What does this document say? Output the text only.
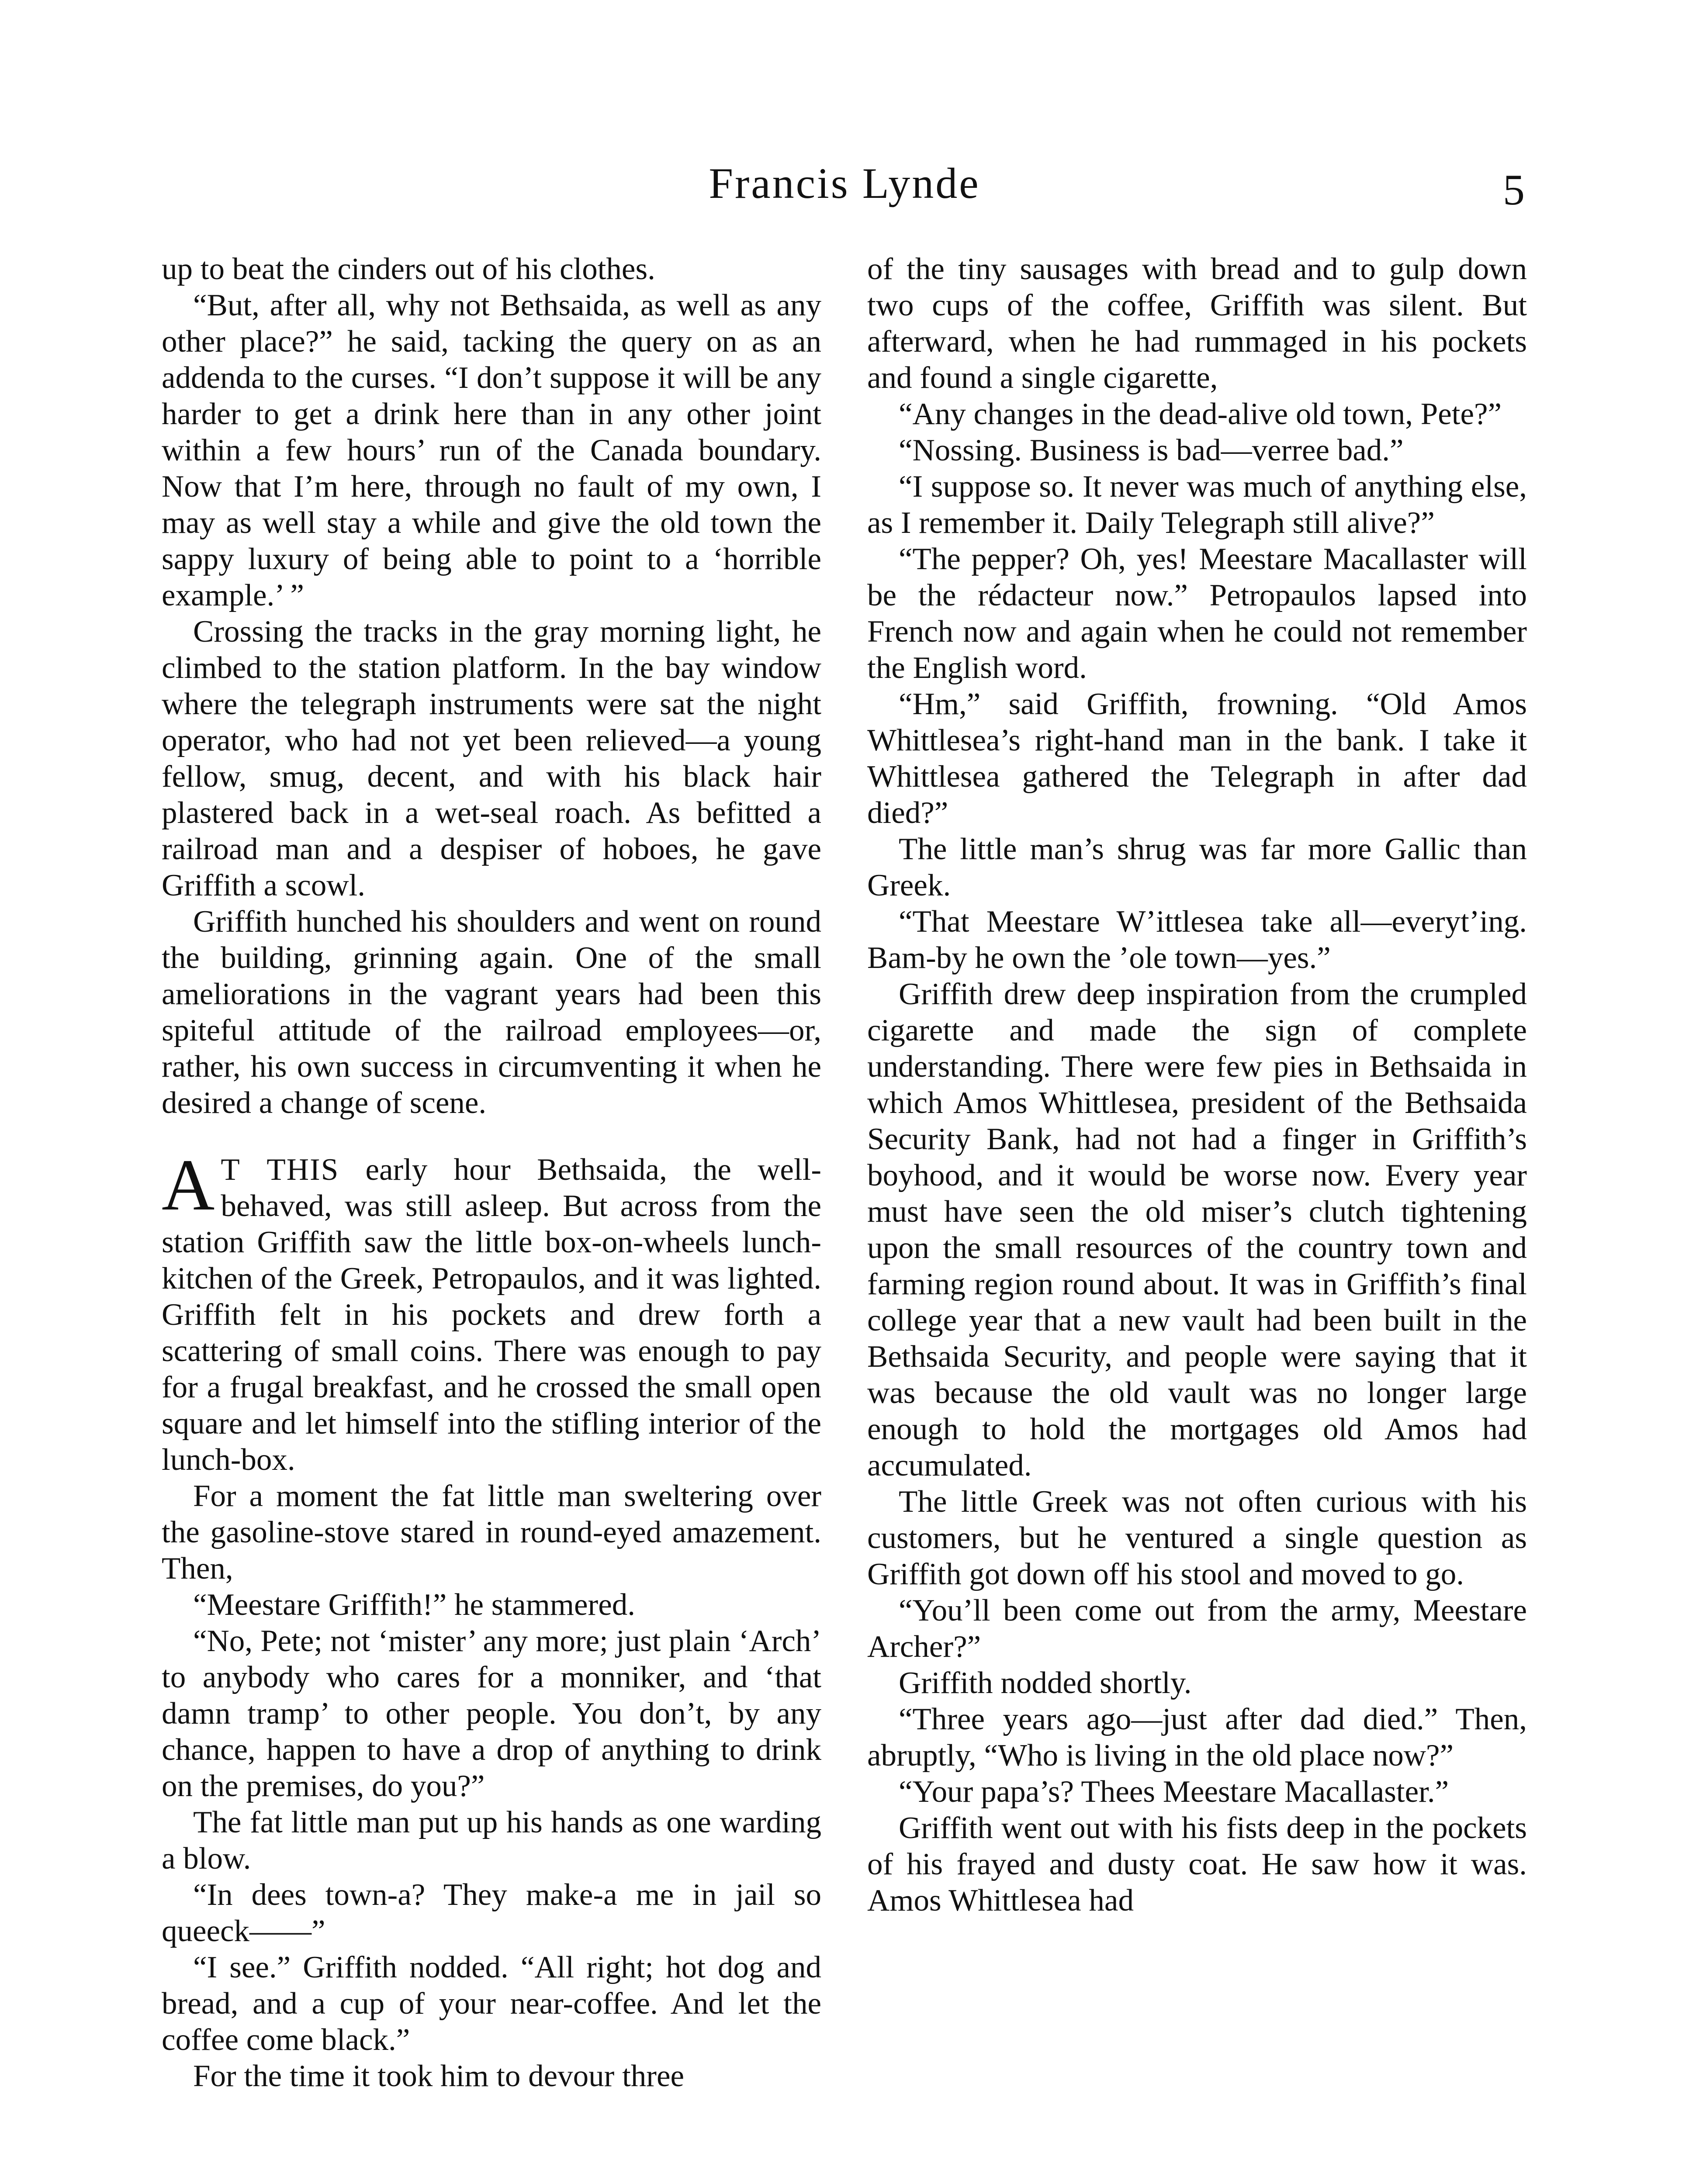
Francis Lynde	5

up to beat the cinders out of his clothes.

“But, after all, why not Bethsaida, as well as any other place?” he said, tacking the query on as an addenda to the curses. “I don’t suppose it will be any harder to get a drink here than in any other joint within a few hours’ run of the Canada boundary. Now that I’m here, through no fault of my own, I may as well stay a while and give the old town the sappy luxury of being able to point to a ‘horrible example.’ ”

Crossing the tracks in the gray morning light, he climbed to the station platform. In the bay window where the telegraph instruments were sat the night operator, who had not yet been relieved—a young fellow, smug, decent, and with his black hair plastered back in a wet-seal roach. As befitted a railroad man and a despiser of hoboes, he gave Griffith a scowl.

Griffith hunched his shoulders and went on round the building, grinning again. One of the small ameliorations in the vagrant years had been this spiteful attitude of the railroad employees—or, rather, his own success in circumventing it when he desired a change of scene.

A T THIS early hour Bethsaida, the well- behaved, was still asleep. But across from the station Griffith saw the little box-on-wheels lunch-kitchen of the Greek, Petropaulos, and it was lighted. Griffith felt in his pockets and drew forth a scattering of small coins. There was enough to pay for a frugal breakfast, and he crossed the small open square and let himself into the stifling interior of the lunch-box.

For a moment the fat little man sweltering over the gasoline-stove stared in round-eyed amazement. Then,

“Meestare Griffith!” he stammered.

“No, Pete; not ‘mister’ any more; just plain ‘Arch’ to anybody who cares for a monniker, and ‘that damn tramp’ to other people. You don’t, by any chance, happen to have a drop of anything to drink on the premises, do you?”

The fat little man put up his hands as one warding a blow.

“In dees town-a? They make-a me in jail so queeck——”

“I see.” Griffith nodded. “All right; hot dog and bread, and a cup of your near-coffee. And let the coffee come black.”

For the time it took him to devour three

of the tiny sausages with bread and to gulp down two cups of the coffee, Griffith was silent. But afterward, when he had rummaged in his pockets and found a single cigarette,

“Any changes in the dead-alive old town, Pete?”

“Nossing. Business is bad—verree bad.”

“I suppose so. It never was much of anything else, as I remember it. Daily Telegraph still alive?”

“The pepper? Oh, yes! Meestare Macallaster will be the rédacteur now.” Petropaulos lapsed into French now and again when he could not remember the English word.

“Hm,” said Griffith, frowning. “Old Amos Whittlesea’s right-hand man in the bank. I take it Whittlesea gathered the Telegraph in after dad died?”

The little man’s shrug was far more Gallic than Greek.

“That Meestare W’ittlesea take all—everyt’ing. Bam-by he own the ’ole town—yes.”

Griffith drew deep inspiration from the crumpled cigarette and made the sign of complete understanding. There were few pies in Bethsaida in which Amos Whittlesea, president of the Bethsaida Security Bank, had not had a finger in Griffith’s boyhood, and it would be worse now. Every year must have seen the old miser’s clutch tightening upon the small resources of the country town and farming region round about. It was in Griffith’s final college year that a new vault had been built in the Bethsaida Security, and people were saying that it was because the old vault was no longer large enough to hold the mortgages old Amos had accumulated.

The little Greek was not often curious with his customers, but he ventured a single question as Griffith got down off his stool and moved to go.

“You’ll been come out from the army, Meestare Archer?”

Griffith nodded shortly.

“Three years ago—just after dad died.” Then, abruptly, “Who is living in the old place now?”

“Your papa’s? Thees Meestare Macallaster.”

Griffith went out with his fists deep in the pockets of his frayed and dusty coat. He saw how it was. Amos Whittlesea had
